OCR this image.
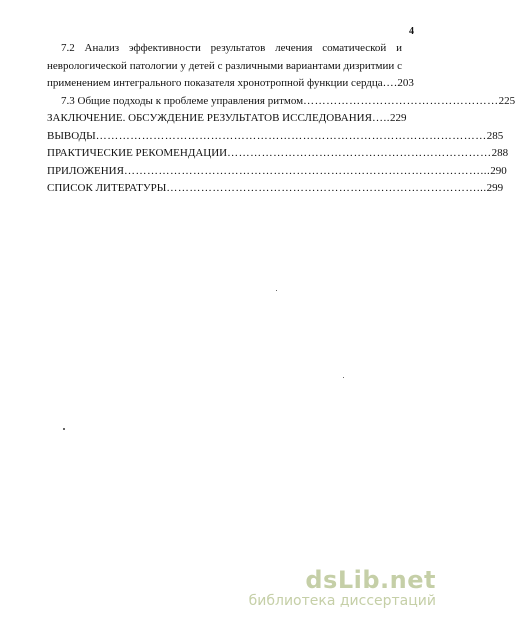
4
7.2 Анализ эффективности результатов лечения соматической и
неврологической патологии у детей с различными вариантами дизритмии с
применением интегрального показателя хронотропной функции сердца …. 203
7.3 Общие подходы к проблеме управления ритмом …………………………………………… 225
ЗАКЛЮЧЕНИЕ. ОБСУЖДЕНИЕ РЕЗУЛЬТАТОВ ИССЛЕДОВАНИЯ ….. 229
ВЫВОДЫ ………………………………………………………………………………………… 285
ПРАКТИЧЕСКИЕ РЕКОМЕНДАЦИИ …………………………………………………………… 288
ПРИЛОЖЕНИЯ …………………………………………………………………………………... 290
СПИСОК ЛИТЕРАТУРЫ ………………………………………………………………………... 299
dsLib.net
библиотека диссертаций
